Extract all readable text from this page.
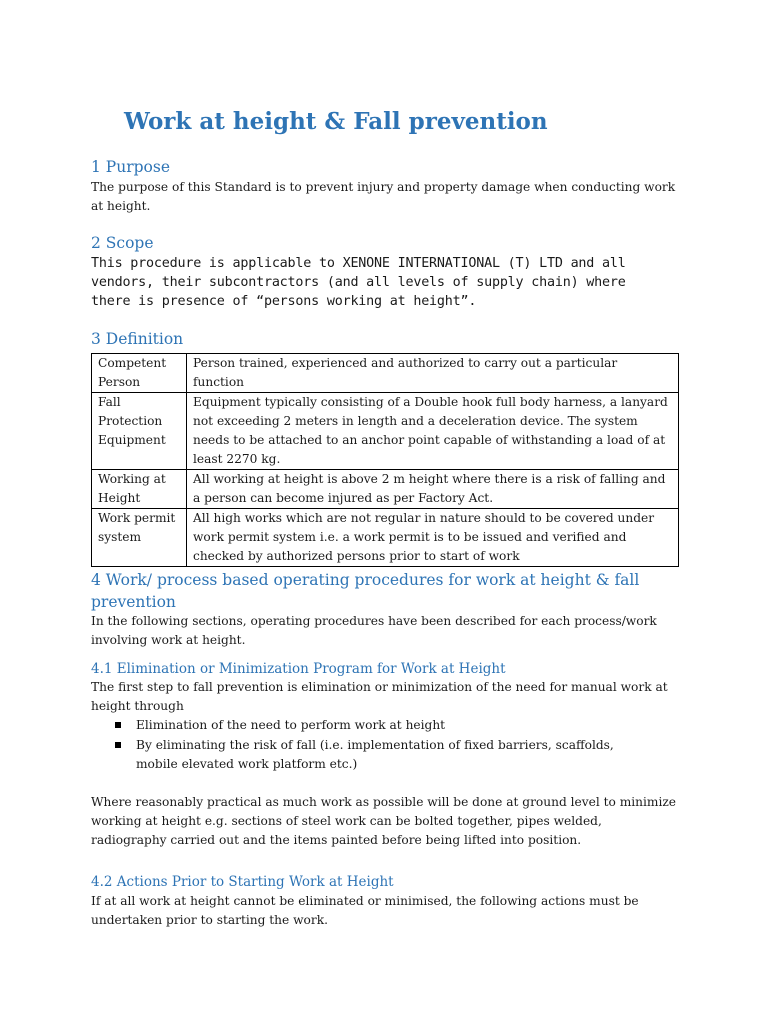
Work at height & Fall prevention
1 Purpose

The purpose of this Standard is to prevent injury and property damage when conducting work at height.

2 Scope

This procedure is applicable to XENONE INTERNATIONAL (T) LTD and all vendors, their subcontractors (and all levels of supply chain) where there is presence of “persons working at height”.

3 Definition
Competent Person	Person trained, experienced and authorized to carry out a particular function
Fall Protection Equipment	Equipment typically consisting of a Double hook full body harness, a lanyard not exceeding 2 meters in length and a deceleration device. The system needs to be attached to an anchor point capable of withstanding a load of at least 2270 kg.
Working at Height	All working at height is above 2 m height where there is a risk of falling and a person can become injured as per Factory Act.
Work permit system	All high works which are not regular in nature should to be covered under work permit system i.e. a work permit is to be issued and verified and checked by authorized persons prior to start of work
4 Work/ process based operating procedures for work at height & fall prevention

In the following sections, operating procedures have been described for each process/work involving work at height.

4.1 Elimination or Minimization Program for Work at Height

The first step to fall prevention is elimination or minimization of the need for manual work at height through

Elimination of the need to perform work at height
By eliminating the risk of fall (i.e. implementation of fixed barriers, scaffolds, mobile elevated work platform etc.)

Where reasonably practical as much work as possible will be done at ground level to minimize working at height e.g. sections of steel work can be bolted together, pipes welded, radiography carried out and the items painted before being lifted into position.

4.2 Actions Prior to Starting Work at Height

If at all work at height cannot be eliminated or minimised, the following actions must be undertaken prior to starting the work.
